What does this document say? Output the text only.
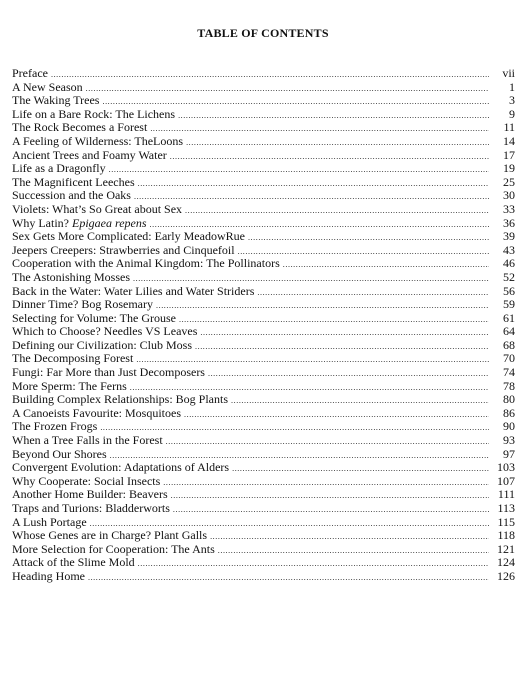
TABLE OF CONTENTS
Preface .....	vii
A New Season .....	1
The Waking Trees .....	3
Life on a Bare Rock: The Lichens .....	9
The Rock Becomes a Forest .....	11
A Feeling of Wilderness: TheLoons .....	14
Ancient Trees and Foamy Water .....	17
Life as a Dragonfly .....	19
The Magnificent Leeches .....	25
Succession and the Oaks .....	30
Violets: What’s So Great about Sex .....	33
Why Latin? Epigaea repens .....	36
Sex Gets More Complicated: Early MeadowRue .....	39
Jeepers Creepers: Strawberries and Cinquefoil .....	43
Cooperation with the Animal Kingdom: The Pollinators .....	46
The Astonishing Mosses .....	52
Back in the Water: Water Lilies and Water Striders .....	56
Dinner Time? Bog Rosemary .....	59
Selecting for Volume: The Grouse .....	61
Which to Choose? Needles VS Leaves .....	64
Defining our Civilization: Club Moss .....	68
The Decomposing Forest .....	70
Fungi: Far More than Just Decomposers .....	74
More Sperm: The Ferns .....	78
Building Complex Relationships: Bog Plants .....	80
A Canoeists Favourite: Mosquitoes .....	86
The Frozen Frogs .....	90
When a Tree Falls in the Forest .....	93
Beyond Our Shores .....	97
Convergent Evolution: Adaptations of Alders .....	103
Why Cooperate: Social Insects .....	107
Another Home Builder: Beavers .....	111
Traps and Turions: Bladderworts .....	113
A Lush Portage .....	115
Whose Genes are in Charge? Plant Galls .....	118
More Selection for Cooperation: The Ants .....	121
Attack of the Slime Mold .....	124
Heading Home .....	126
